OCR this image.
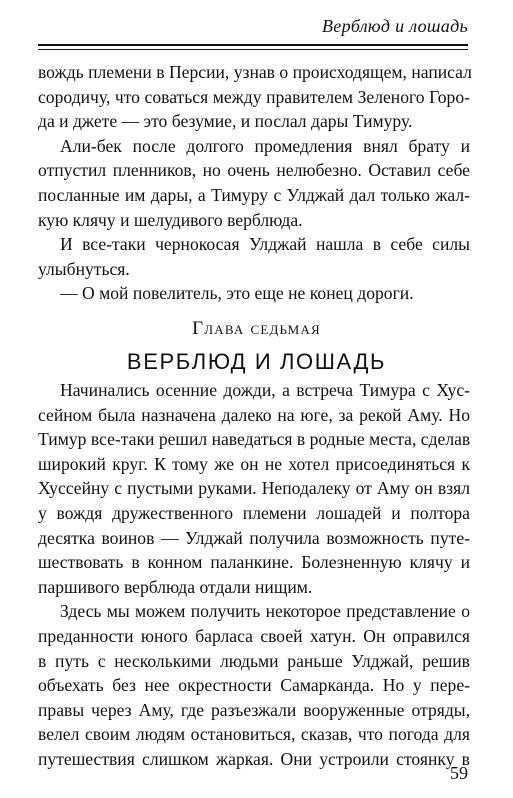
Верблюд и лошадь
вождь племени в Персии, узнав о происходящем, написал
сородичу, что соваться между правителем Зеленого Горо-
да и джете — это безумие, и послал дары Тимуру.
Али-бек после долгого промедления внял брату и
отпустил пленников, но очень нелюбезно. Оставил себе
посланные им дары, а Тимуру с Улджай дал только жал-
кую клячу и шелудивого верблюда.
И все-таки чернокосая Улджай нашла в себе силы
улыбнуться.
— О мой повелитель, это еще не конец дороги.
Глава седьмая
ВЕРБЛЮД И ЛОШАДЬ
Начинались осенние дожди, а встреча Тимура с Хус-
сейном была назначена далеко на юге, за рекой Аму. Но
Тимур все-таки решил наведаться в родные места, сделав
широкий круг. К тому же он не хотел присоединяться к
Хуссейну с пустыми руками. Неподалеку от Аму он взял
у вождя дружественного племени лошадей и полтора
десятка воинов — Улджай получила возможность путе-
шествовать в конном паланкине. Болезненную клячу и
паршивого верблюда отдали нищим.
Здесь мы можем получить некоторое представление о
преданности юного барласа своей хатун. Он оправился
в путь с несколькими людьми раньше Улджай, решив
объехать без нее окрестности Самарканда. Но у пере-
правы через Аму, где разъезжали вооруженные отряды,
велел своим людям остановиться, сказав, что погода для
путешествия слишком жаркая. Они устроили стоянку в
59
